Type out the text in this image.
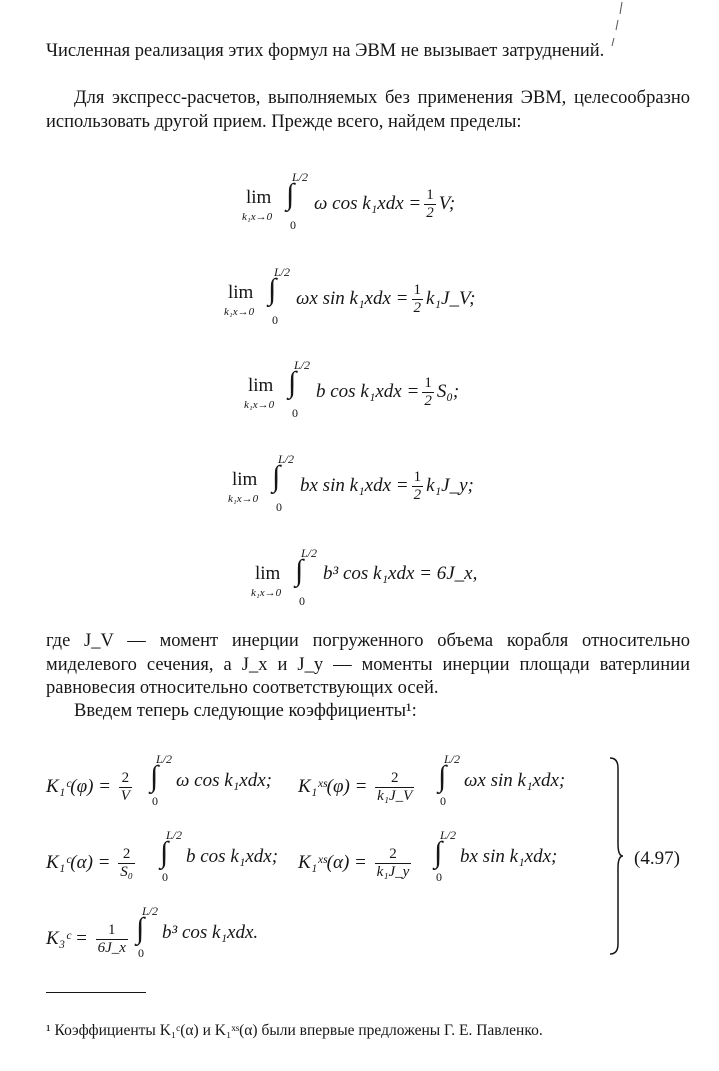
Численная реализация этих формул на ЭВМ не вызывает затруднений.

Для экспресс-расчетов, выполняемых без применения ЭВМ, целесообразно использовать другой прием. Прежде всего, найдем пределы:

lim
k₁x→0
L/2
∫
0
ω $\cos k_1xdx = \frac{1}{2} V$;
lim
k₁x→0
L/2
∫
0
ωx $\sin k_1xdx = \frac{1}{2}$ k₁J_V;
lim
k₁x→0
L/2
∫
0
b $\cos k_1xdx = \frac{1}{2} S_0$;
lim
k₁x→0
L/2
∫
0
bx $\sin k_1xdx = \frac{1}{2}$ k₁J_y;
lim
k₁x→0
L/2
∫
0
b³ cos k₁xdx = 6J_x,

где J_V — момент инерции погруженного объема корабля относительно миделевого сечения, а J_x и J_y — моменты инерции площади ватерлинии равновесия относительно соответствующих осей.

Введем теперь следующие коэффициенты¹:

K₁ᶜ(φ) = $\frac{2}{V}$
L/2
∫
0
ω cos k₁xdx; K₁ˣˢ(φ) = $\frac{2}{\text{k₁J\_V}}$
L/2
∫
0
ωx sin k₁xdx;
K₁ᶜ(α) = $\frac{2}{\text{S₀}}$
L/2
∫
0
b cos k₁xdx; K₁ˣˢ(α) = $\frac{2}{\text{k₁J\_y}}$
L/2
∫
0
bx sin k₁xdx;
K₃ᶜ = $\frac{1}{6J\_x}$
L/2
∫
0
b³ cos k₁xdx.
(4.97)
¹ Коэффициенты K₁ᶜ(α) и K₁ˣˢ(α) были впервые предложены Г. Е. Павленко.
